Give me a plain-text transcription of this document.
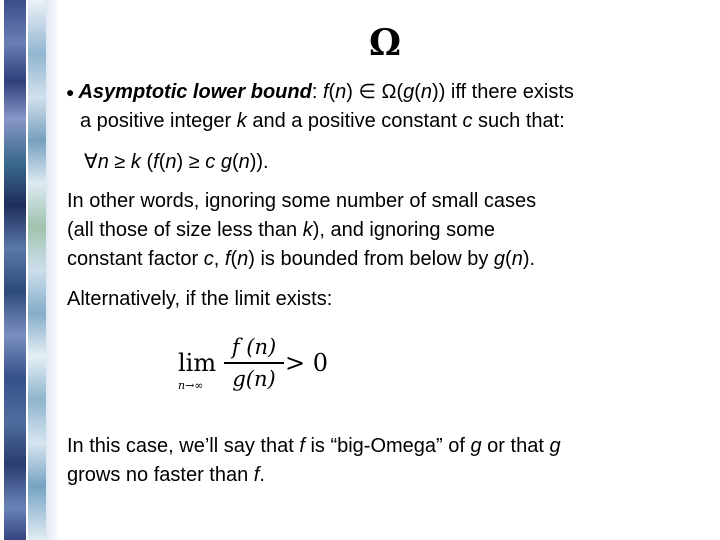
Ω
● Asymptotic lower bound: f(n) ∈ Ω(g(n)) iff there exists
a positive integer k and a positive constant c such that:
∀n ≥ k (f(n) ≥ c g(n)).
In other words, ignoring some number of small cases
(all those of size less than k), and ignoring some
constant factor c, f(n) is bounded from below by g(n).
Alternatively, if the limit exists:
lim
n→∞
f (n)
g(n)
> 0
In this case, we’ll say that f is “big-Omega” of g or that g
grows no faster than f.
